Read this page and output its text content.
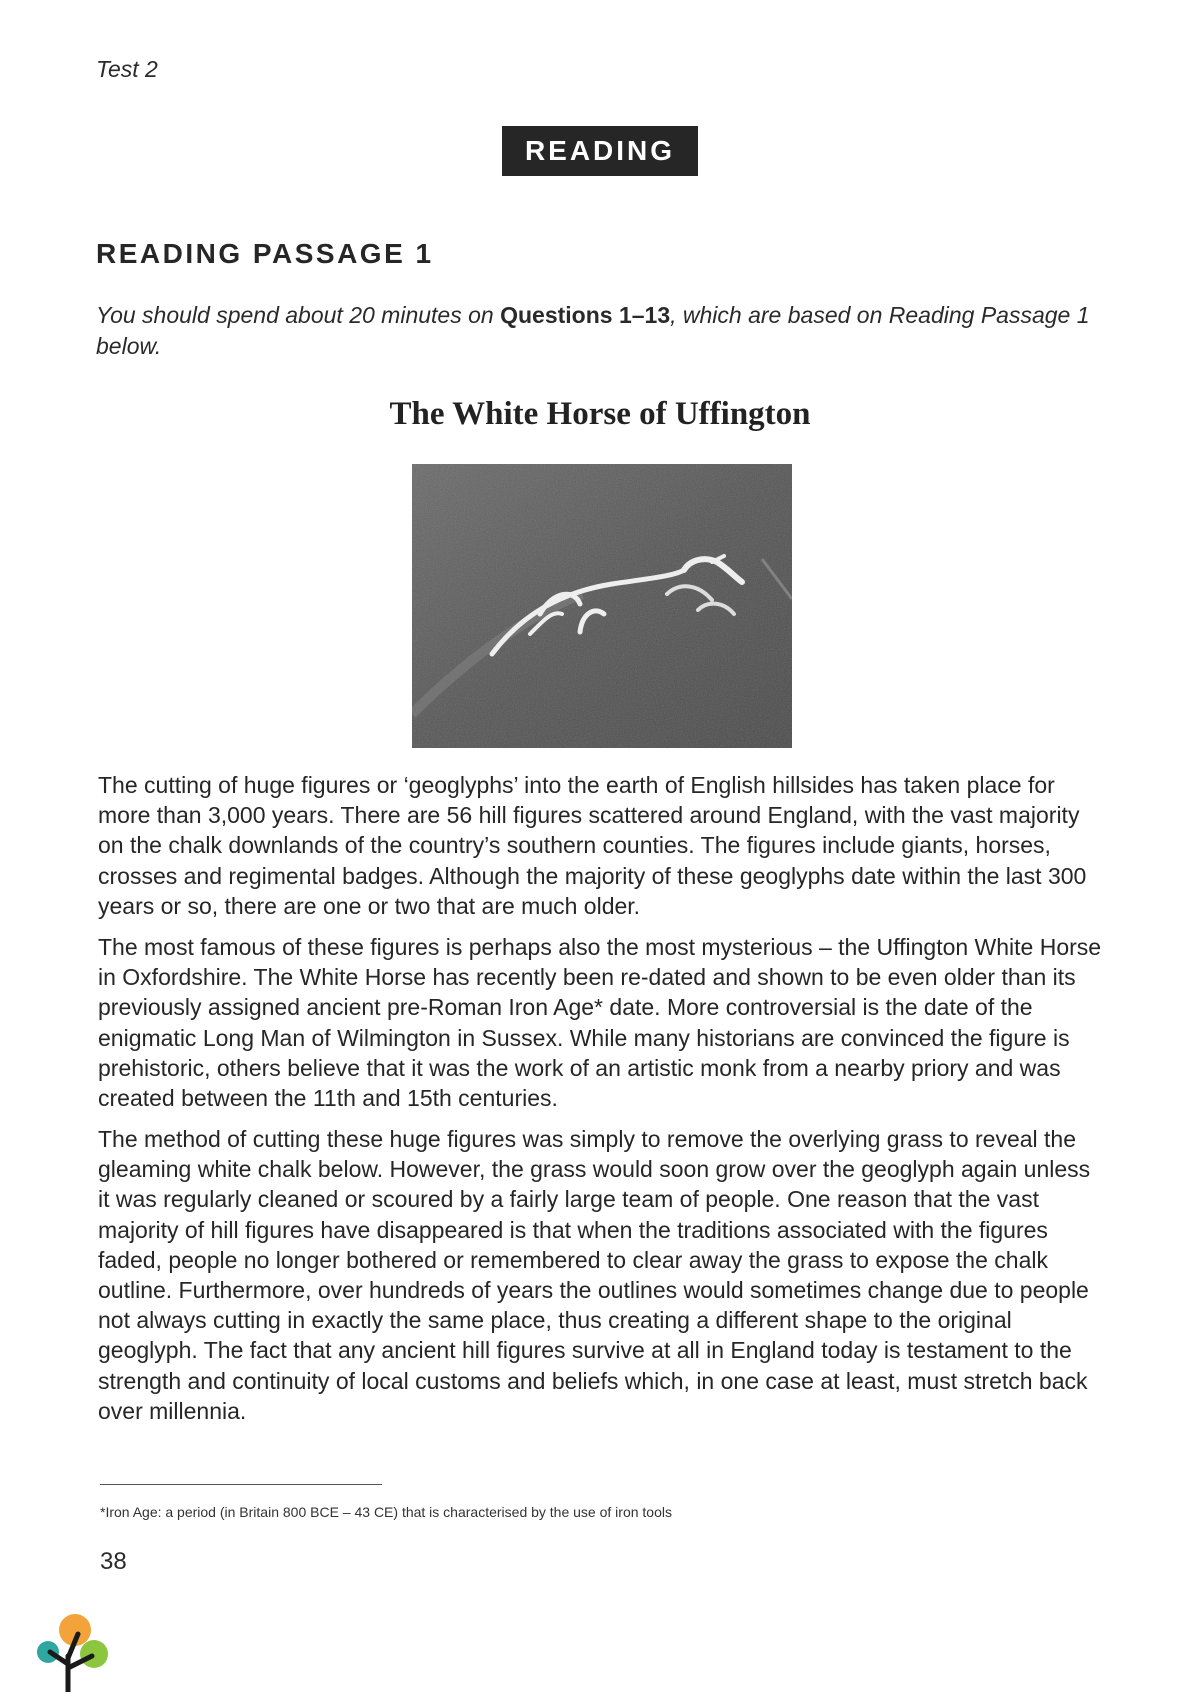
Test 2
READING
READING PASSAGE 1
You should spend about 20 minutes on Questions 1–13, which are based on Reading Passage 1 below.
The White Horse of Uffington

The cutting of huge figures or ‘geoglyphs’ into the earth of English hillsides has taken place for more than 3,000 years. There are 56 hill figures scattered around England, with the vast majority on the chalk downlands of the country’s southern counties. The figures include giants, horses, crosses and regimental badges. Although the majority of these geoglyphs date within the last 300 years or so, there are one or two that are much older.

The most famous of these figures is perhaps also the most mysterious – the Uffington White Horse in Oxfordshire. The White Horse has recently been re-dated and shown to be even older than its previously assigned ancient pre-Roman Iron Age* date. More controversial is the date of the enigmatic Long Man of Wilmington in Sussex. While many historians are convinced the figure is prehistoric, others believe that it was the work of an artistic monk from a nearby priory and was created between the 11th and 15th centuries.

The method of cutting these huge figures was simply to remove the overlying grass to reveal the gleaming white chalk below. However, the grass would soon grow over the geoglyph again unless it was regularly cleaned or scoured by a fairly large team of people. One reason that the vast majority of hill figures have disappeared is that when the traditions associated with the figures faded, people no longer bothered or remembered to clear away the grass to expose the chalk outline. Furthermore, over hundreds of years the outlines would sometimes change due to people not always cutting in exactly the same place, thus creating a different shape to the original geoglyph. The fact that any ancient hill figures survive at all in England today is testament to the strength and continuity of local customs and beliefs which, in one case at least, must stretch back over millennia.

*Iron Age: a period (in Britain 800 BCE – 43 CE) that is characterised by the use of iron tools
38
